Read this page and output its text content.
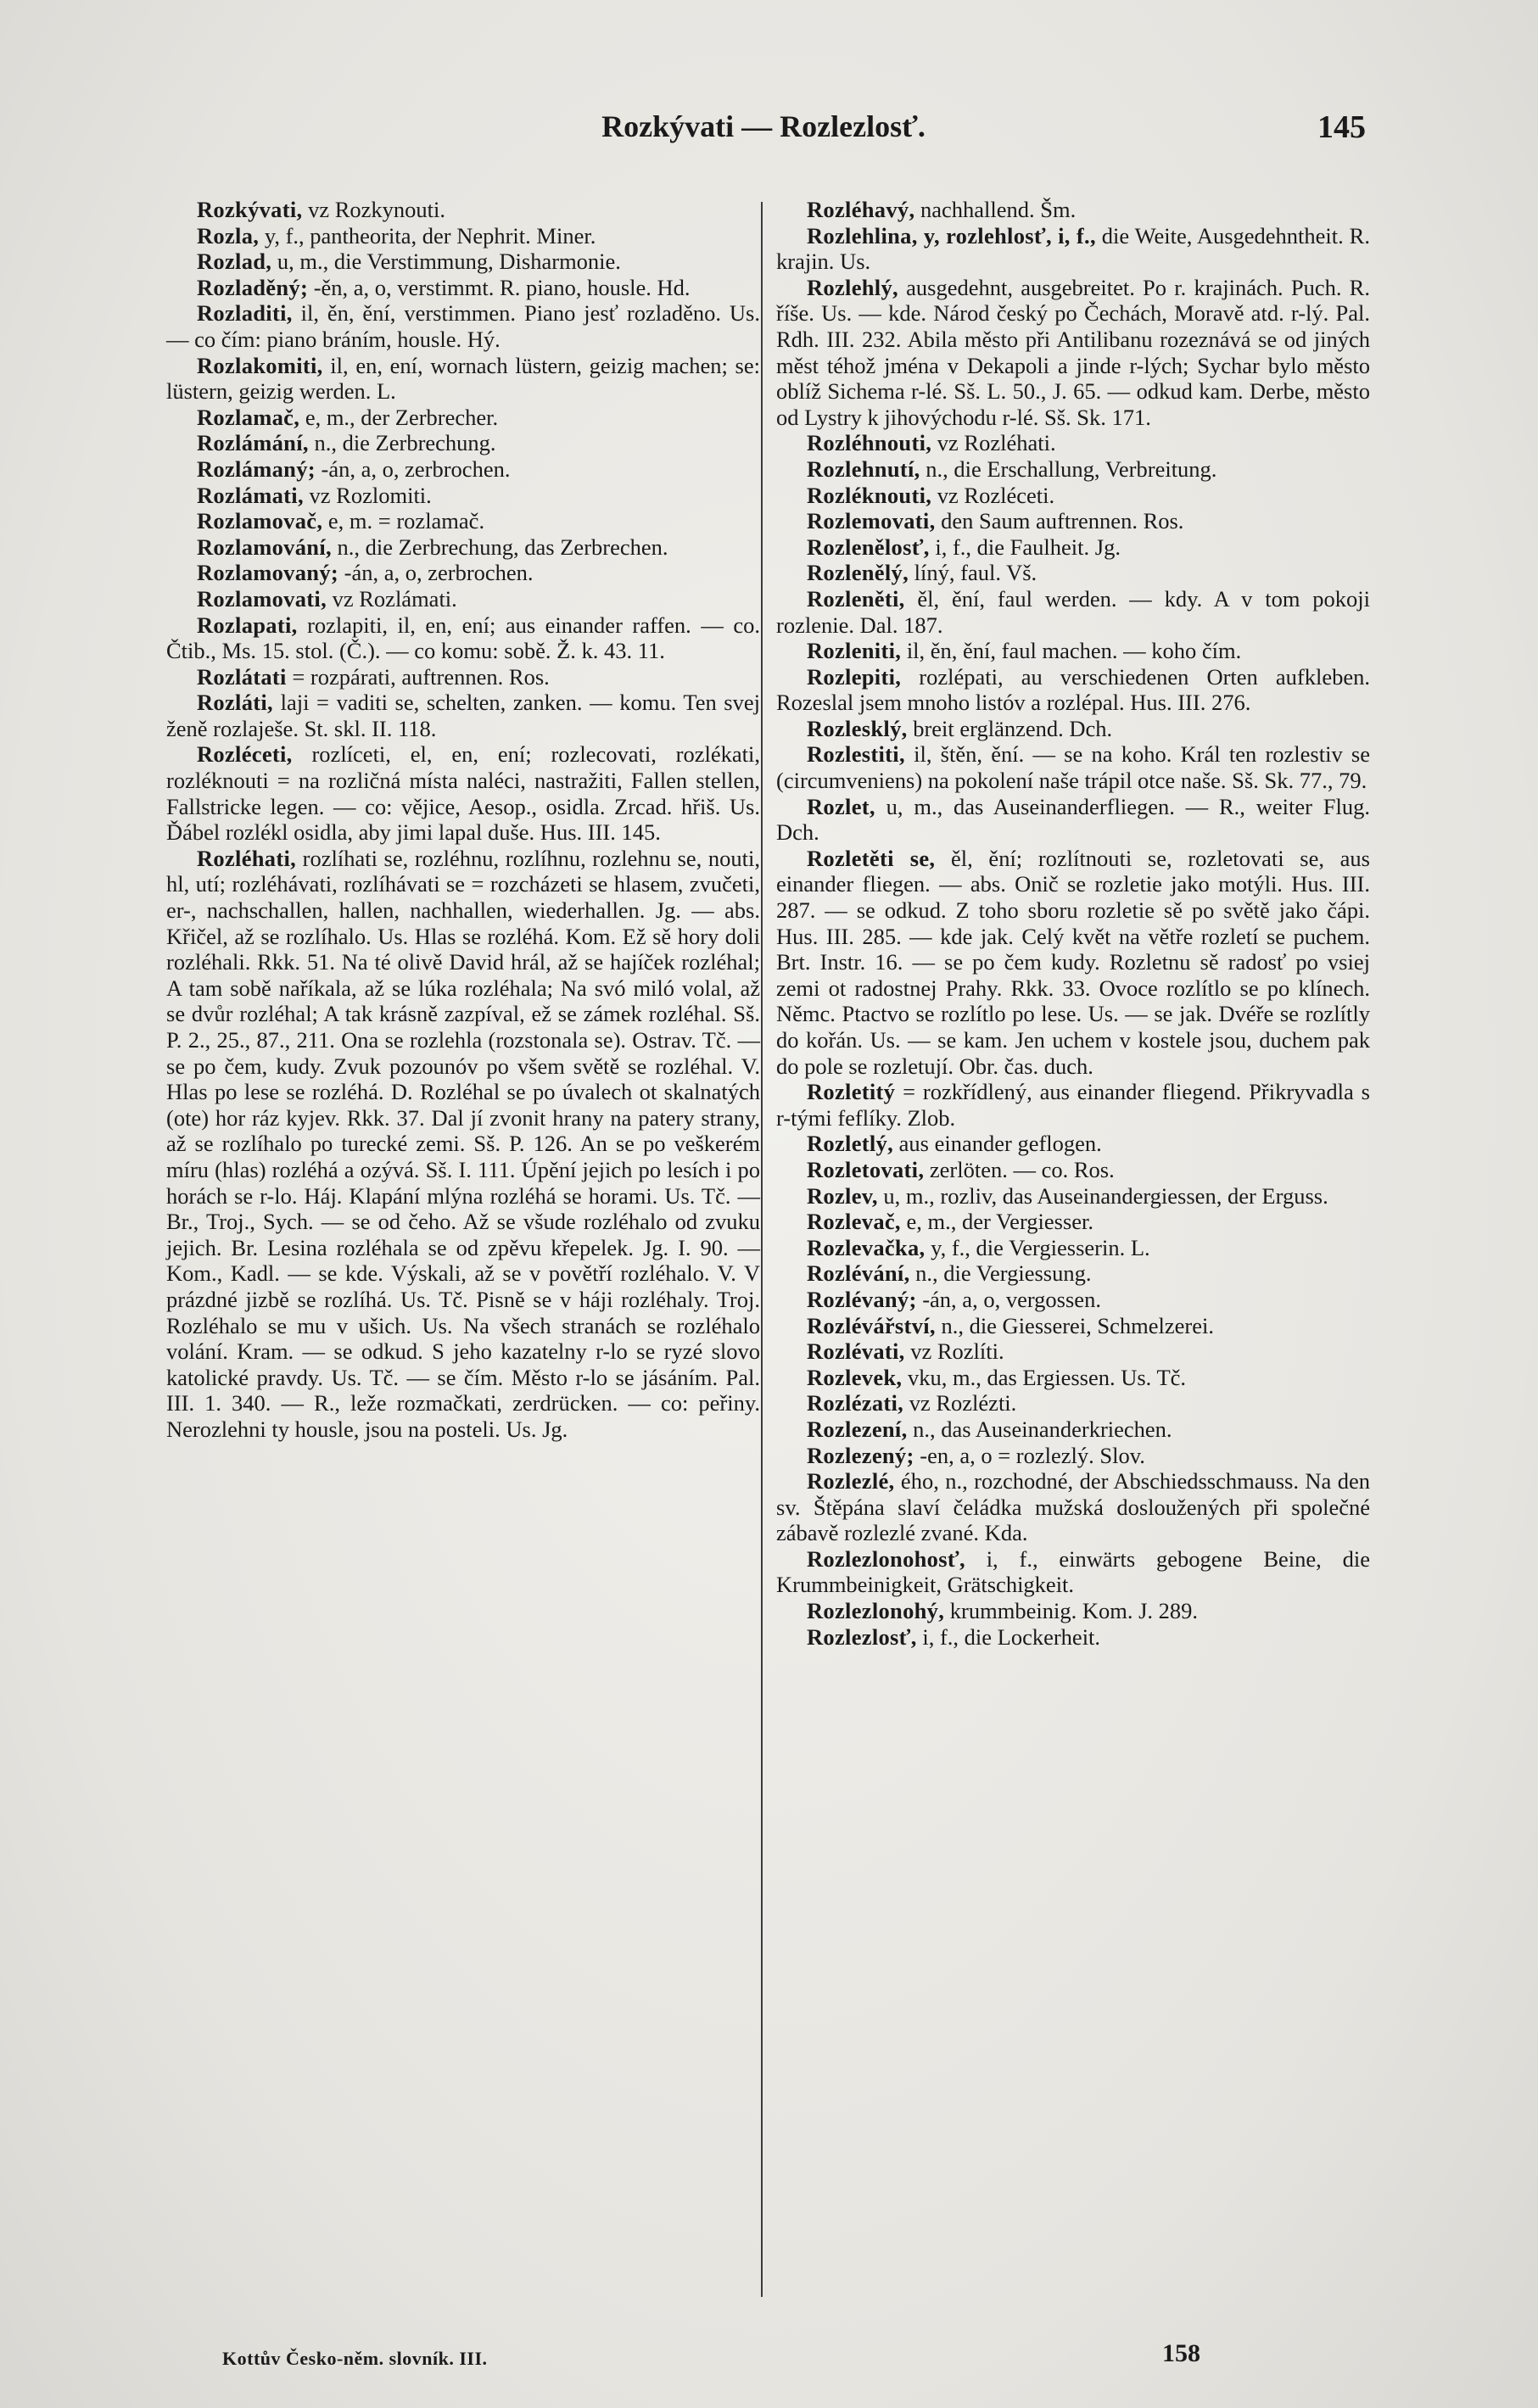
Rozkývati — Rozlezlosť.	145

Rozkývati, vz Rozkynouti.

Rozla, y, f., pantheorita, der Nephrit. Miner.

Rozlad, u, m., die Verstimmung, Disharmonie.

Rozladěný; -ěn, a, o, verstimmt. R. piano, housle. Hd.

Rozladiti, il, ěn, ění, verstimmen. Piano jesť rozladěno. Us. — co čím: piano bráním, housle. Hý.

Rozlakomiti, il, en, ení, wornach lüstern, geizig machen; se: lüstern, geizig werden. L.

Rozlamač, e, m., der Zerbrecher.

Rozlámání, n., die Zerbrechung.

Rozlámaný; -án, a, o, zerbrochen.

Rozlámati, vz Rozlomiti.

Rozlamovač, e, m. = rozlamač.

Rozlamování, n., die Zerbrechung, das Zerbrechen.

Rozlamovaný; -án, a, o, zerbrochen.

Rozlamovati, vz Rozlámati.

Rozlapati, rozlapiti, il, en, ení; aus einander raffen. — co. Čtib., Ms. 15. stol. (Č.). — co komu: sobě. Ž. k. 43. 11.

Rozlátati = rozpárati, auftrennen. Ros.

Rozláti, laji = vaditi se, schelten, zanken. — komu. Ten svej ženě rozlaješe. St. skl. II. 118.

Rozléceti, rozlíceti, el, en, ení; rozlecovati, rozlékati, rozléknouti = na rozličná místa naléci, nastražiti, Fallen stellen, Fallstricke legen. — co: vějice, Aesop., osidla. Zrcad. hřiš. Us. Ďábel rozlékl osidla, aby jimi lapal duše. Hus. III. 145.

Rozléhati, rozlíhati se, rozléhnu, rozlíhnu, rozlehnu se, nouti, hl, utí; rozléhávati, rozlíhávati se = rozcházeti se hlasem, zvučeti, er-, nachschallen, hallen, nachhallen, wiederhallen. Jg. — abs. Křičel, až se rozlíhalo. Us. Hlas se rozléhá. Kom. Ež sě hory doli rozléhali. Rkk. 51. Na té olivě David hrál, až se hajíček rozléhal; A tam sobě naříkala, až se lúka rozléhala; Na svó miló volal, až se dvůr rozléhal; A tak krásně zazpíval, ež se zámek rozléhal. Sš. P. 2., 25., 87., 211. Ona se rozlehla (rozstonala se). Ostrav. Tč. — se po čem, kudy. Zvuk pozounóv po všem světě se rozléhal. V. Hlas po lese se rozléhá. D. Rozléhal se po úvalech ot skalnatých (ote) hor ráz kyjev. Rkk. 37. Dal jí zvonit hrany na patery strany, až se rozlíhalo po turecké zemi. Sš. P. 126. An se po veškerém míru (hlas) rozléhá a ozývá. Sš. I. 111. Úpění jejich po lesích i po horách se r-lo. Háj. Klapání mlýna rozléhá se horami. Us. Tč. — Br., Troj., Sych. — se od čeho. Až se všude rozléhalo od zvuku jejich. Br. Lesina rozléhala se od zpěvu křepelek. Jg. I. 90. — Kom., Kadl. — se kde. Výskali, až se v povětří rozléhalo. V. V prázdné jizbě se rozlíhá. Us. Tč. Pisně se v háji rozléhaly. Troj. Rozléhalo se mu v ušich. Us. Na všech stranách se rozléhalo volání. Kram. — se odkud. S jeho kazatelny r-lo se ryzé slovo katolické pravdy. Us. Tč. — se čím. Město r-lo se jásáním. Pal. III. 1. 340. — R., leže rozmačkati, zerdrücken. — co: peřiny. Nerozlehni ty housle, jsou na posteli. Us. Jg.

Rozléhavý, nachhallend. Šm.

Rozlehlina, y, rozlehlosť, i, f., die Weite, Ausgedehntheit. R. krajin. Us.

Rozlehlý, ausgedehnt, ausgebreitet. Po r. krajinách. Puch. R. říše. Us. — kde. Národ český po Čechách, Moravě atd. r-lý. Pal. Rdh. III. 232. Abila město při Antilibanu rozeznává se od jiných měst téhož jména v Dekapoli a jinde r-lých; Sychar bylo město oblíž Sichema r-lé. Sš. L. 50., J. 65. — odkud kam. Derbe, město od Lystry k jihovýchodu r-lé. Sš. Sk. 171.

Rozléhnouti, vz Rozléhati.

Rozlehnutí, n., die Erschallung, Verbreitung.

Rozléknouti, vz Rozléceti.

Rozlemovati, den Saum auftrennen. Ros.

Rozlenělosť, i, f., die Faulheit. Jg.

Rozlenělý, líný, faul. Vš.

Rozleněti, ěl, ění, faul werden. — kdy. A v tom pokoji rozlenie. Dal. 187.

Rozleniti, il, ěn, ění, faul machen. — koho čím.

Rozlepiti, rozlépati, au verschiedenen Orten aufkleben. Rozeslal jsem mnoho listóv a rozlépal. Hus. III. 276.

Rozlesklý, breit erglänzend. Dch.

Rozlestiti, il, štěn, ění. — se na koho. Král ten rozlestiv se (circumveniens) na pokolení naše trápil otce naše. Sš. Sk. 77., 79.

Rozlet, u, m., das Auseinanderfliegen. — R., weiter Flug. Dch.

Rozletěti se, ěl, ění; rozlítnouti se, rozletovati se, aus einander fliegen. — abs. Onič se rozletie jako motýli. Hus. III. 287. — se odkud. Z toho sboru rozletie sě po světě jako čápi. Hus. III. 285. — kde jak. Celý květ na větře rozletí se puchem. Brt. Instr. 16. — se po čem kudy. Rozletnu sě radosť po vsiej zemi ot radostnej Prahy. Rkk. 33. Ovoce rozlítlo se po klínech. Němc. Ptactvo se rozlítlo po lese. Us. — se jak. Dvéře se rozlítly do kořán. Us. — se kam. Jen uchem v kostele jsou, duchem pak do pole se rozletují. Obr. čas. duch.

Rozletitý = rozkřídlený, aus einander fliegend. Přikryvadla s r-tými feflíky. Zlob.

Rozletlý, aus einander geflogen.

Rozletovati, zerlöten. — co. Ros.

Rozlev, u, m., rozliv, das Auseinandergiessen, der Erguss.

Rozlevač, e, m., der Vergiesser.

Rozlevačka, y, f., die Vergiesserin. L.

Rozlévání, n., die Vergiessung.

Rozlévaný; -án, a, o, vergossen.

Rozlévářství, n., die Giesserei, Schmelzerei.

Rozlévati, vz Rozlíti.

Rozlevek, vku, m., das Ergiessen. Us. Tč.

Rozlézati, vz Rozlézti.

Rozlezení, n., das Auseinanderkriechen.

Rozlezený; -en, a, o = rozlezlý. Slov.

Rozlezlé, ého, n., rozchodné, der Abschiedsschmauss. Na den sv. Štěpána slaví čeládka mužská dosloužených při společné zábavě rozlezlé zvané. Kda.

Rozlezlonohosť, i, f., einwärts gebogene Beine, die Krummbeinigkeit, Grätschigkeit.

Rozlezlonohý, krummbeinig. Kom. J. 289.

Rozlezlosť, i, f., die Lockerheit.

Kottův Česko-něm. slovník. III.	158
